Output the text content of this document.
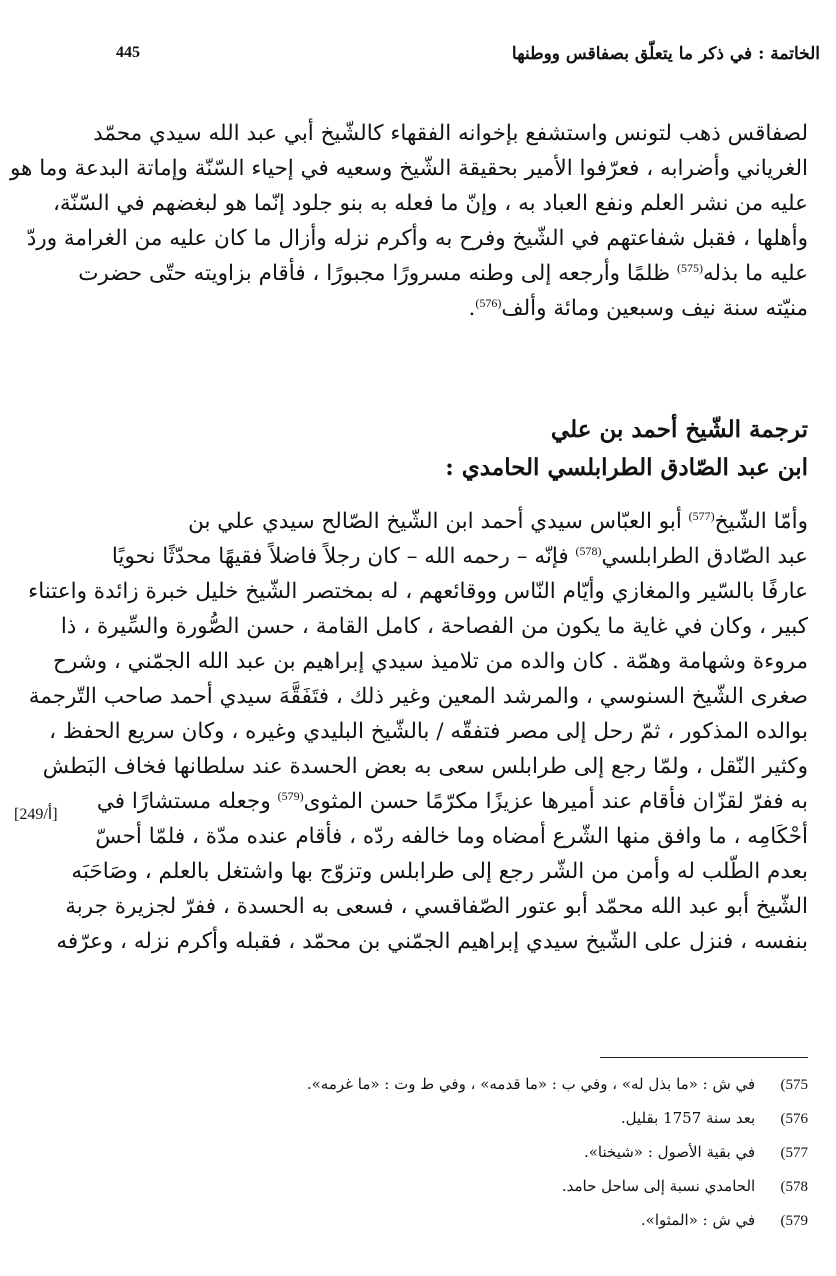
445	الخاتمة : في ذكر ما يتعلّق بصفاقس ووطنها
لصفاقس ذهب لتونس واستشفع بإخوانه الفقهاء كالشّيخ أبي عبد الله سيدي محمّد
الغرياني وأضرابه ، فعرّفوا الأمير بحقيقة الشّيخ وسعيه في إحياء السّنّة وإماتة البدعة وما هو
عليه من نشر العلم ونفع العباد به ، وإنّ ما فعله به بنو جلود إنّما هو لبغضهم في السّنّة،
وأهلها ، فقبل شفاعتهم في الشّيخ وفرح به وأكرم نزله وأزال ما كان عليه من الغرامة وردّ
عليه ما بذله$^{(575)}$ ظلمًا وأرجعه إلى وطنه مسرورًا مجبورًا ، فأقام بزاويته حتّى حضرت
منيّته سنة نيف وسبعين ومائة وألف$^{(576)}$.
ترجمة الشّيخ أحمد بن علي
ابن عبد الصّادق الطرابلسي الحامدي :
وأمّا الشّيخ$^{(577)}$ أبو العبّاس سيدي أحمد ابن الشّيخ الصّالح سيدي علي بن
عبد الصّادق الطرابلسي$^{(578)}$ فإنّه – رحمه الله – كان رجلاً فاضلاً فقيهًا محدّثًا نحويًا
عارفًا بالسّير والمغازي وأيّام النّاس ووقائعهم ، له بمختصر الشّيخ خليل خبرة زائدة واعتناء
كبير ، وكان في غاية ما يكون من الفصاحة ، كامل القامة ، حسن الصُّورة والسِّيرة ، ذا
مروءة وشهامة وهمّة . كان والده من تلاميذ سيدي إبراهيم بن عبد الله الجمّني ، وشرح
صغرى الشّيخ السنوسي ، والمرشد المعين وغير ذلك ، فتَفَقَّهَ سيدي أحمد صاحب التّرجمة
بوالده المذكور ، ثمّ رحل إلى مصر فتفقّه / بالشّيخ البليدي وغيره ، وكان سريع الحفظ ،
وكثير النّقل ، ولمّا رجع إلى طرابلس سعى به بعض الحسدة عند سلطانها فخاف البَطش
به ففرّ لقزّان فأقام عند أميرها عزيزًا مكرّمًا حسن المثوى$^{(579)}$ وجعله مستشارًا في
أحْكَامِه ، ما وافق منها الشّرع أمضاه وما خالفه ردّه ، فأقام عنده مدّة ، فلمّا أحسّ
بعدم الطّلب له وأمن من الشّر رجع إلى طرابلس وتزوّج بها واشتغل بالعلم ، وصَاحَبَه
الشّيخ أبو عبد الله محمّد أبو عتور الصّفاقسي ، فسعى به الحسدة ، ففرّ لجزيرة جربة
بنفسه ، فنزل على الشّيخ سيدي إبراهيم الجمّني بن محمّد ، فقبله وأكرم نزله ، وعرّفه
[249/أ]
575) في ش : «ما بذل له» ، وفي ب : «ما قدمه» ، وفي ط وت : «ما غرمه».
576) بعد سنة 1757 بقليل.
577) في بقية الأصول : «شيخنا».
578) الحامدي نسبة إلى ساحل حامد.
579) في ش : «المثوا».
